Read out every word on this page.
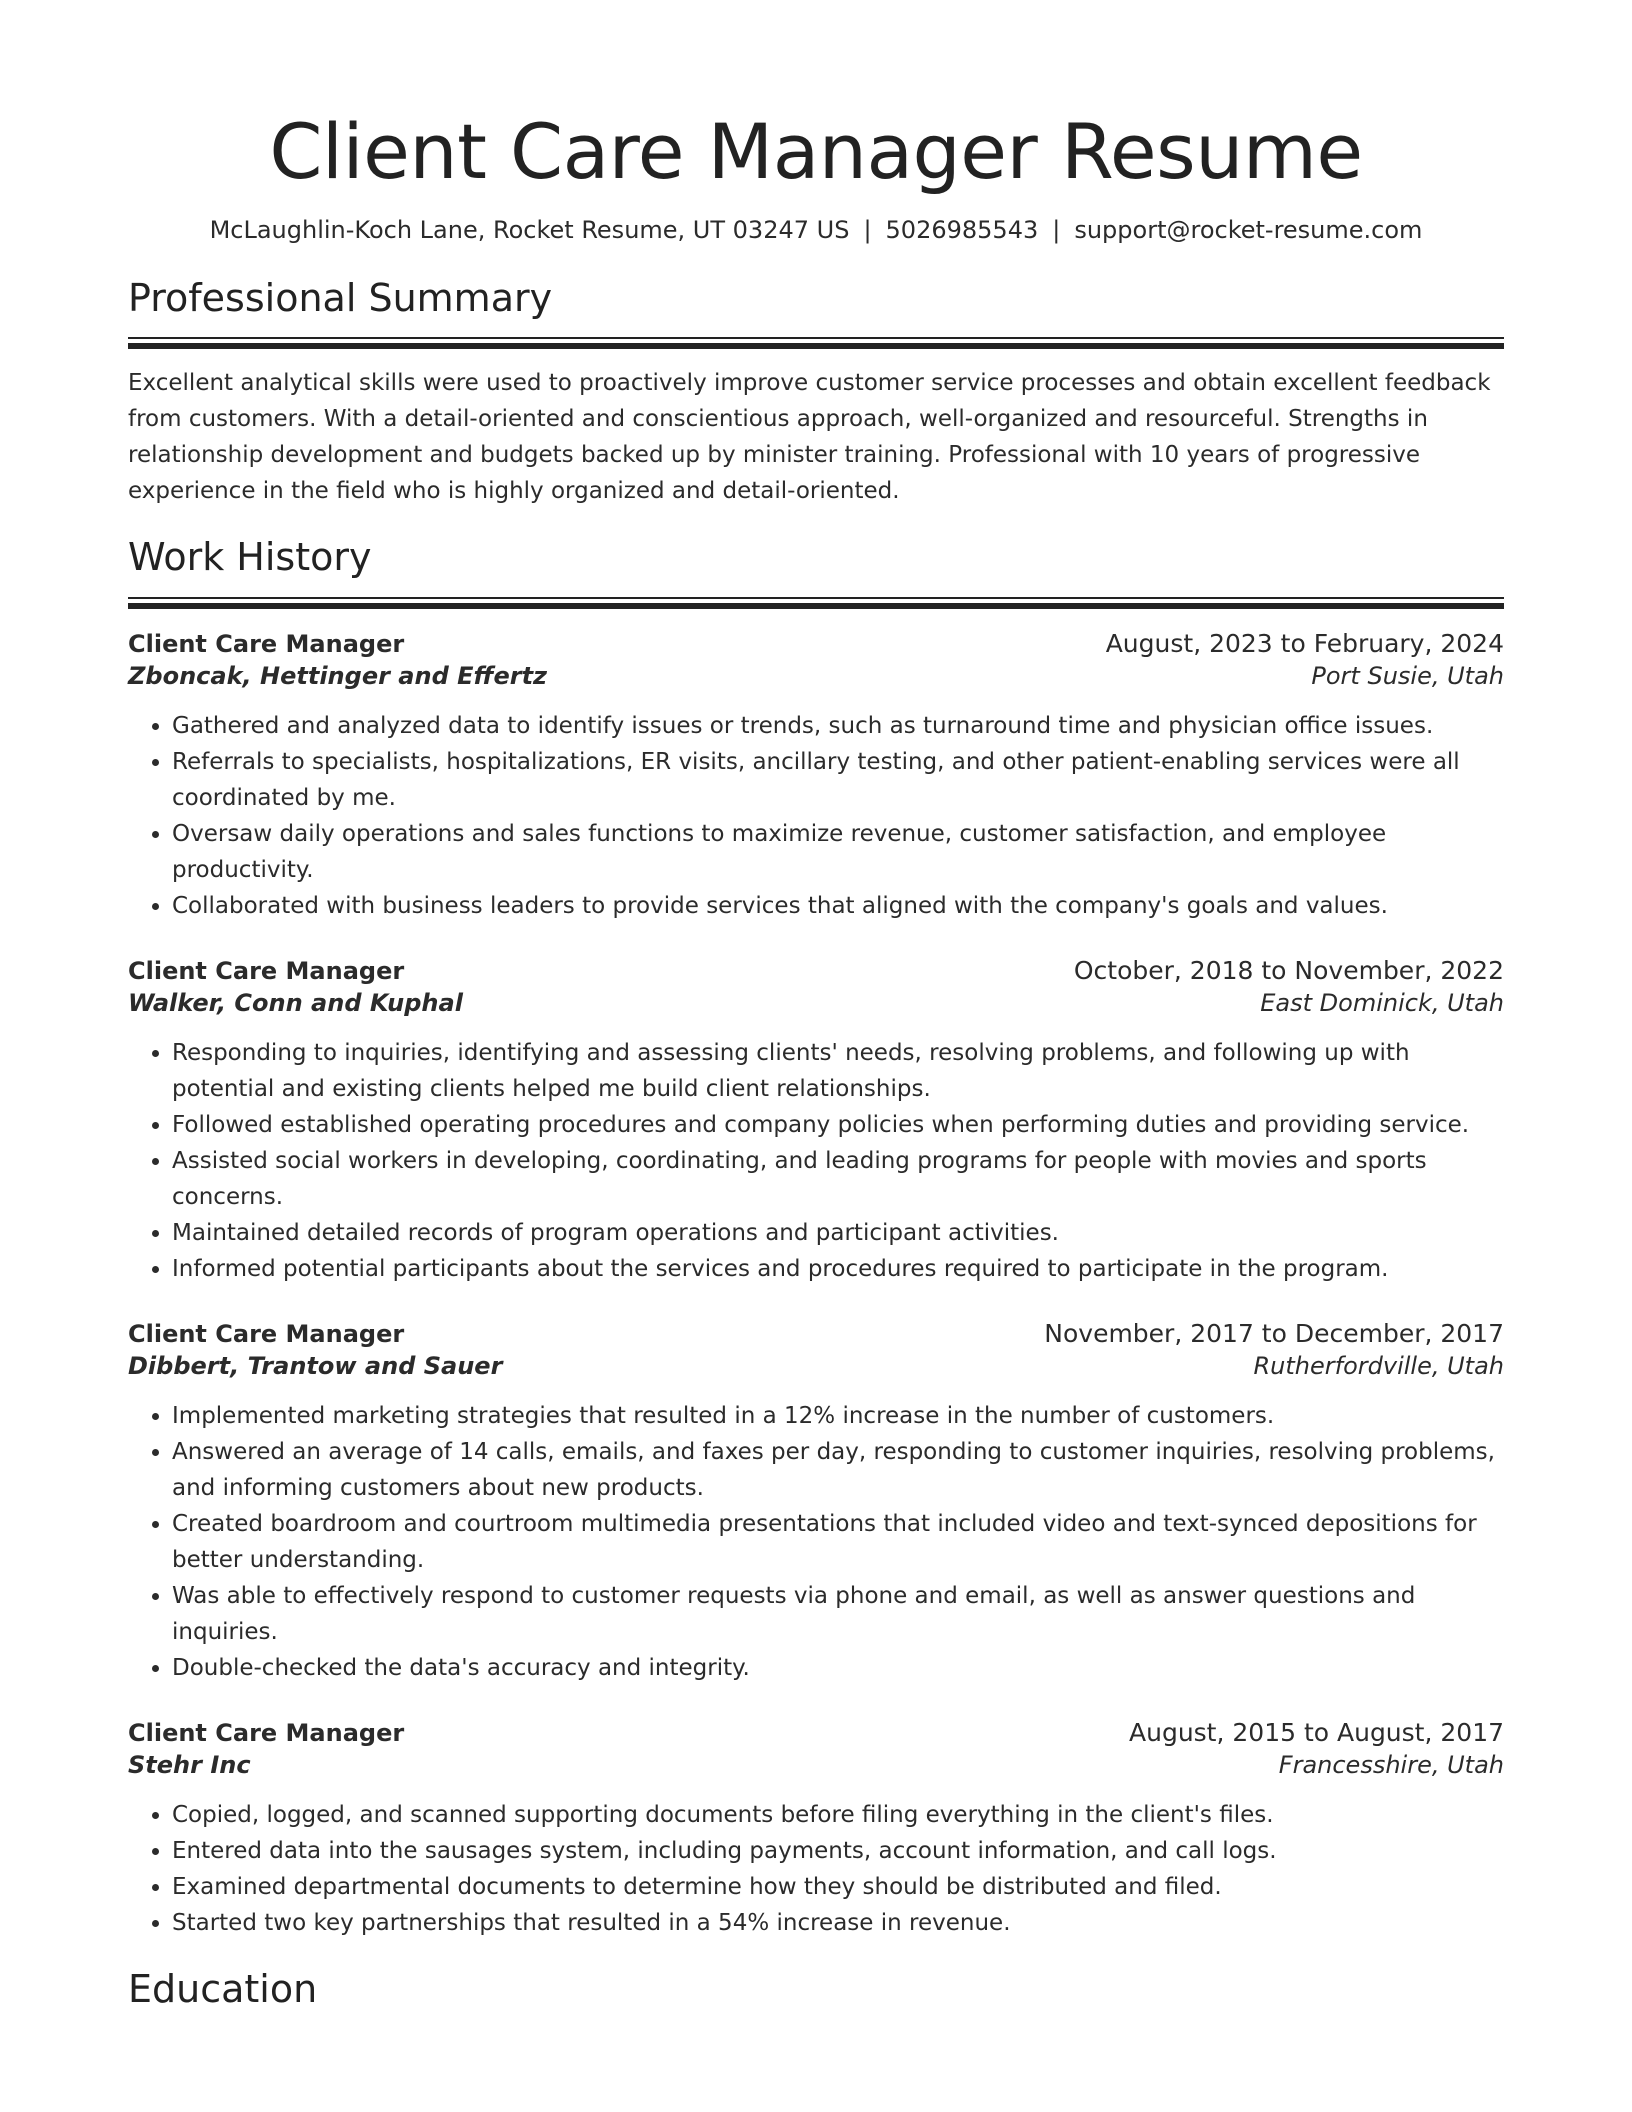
Client Care Manager Resume
McLaughlin-Koch Lane, Rocket Resume, UT 03247 US | 5026985543 | support@rocket-resume.com
Professional Summary
Excellent analytical skills were used to proactively improve customer service processes and obtain excellent feedback from customers. With a detail-oriented and conscientious approach, well-organized and resourceful. Strengths in relationship development and budgets backed up by minister training. Professional with 10 years of progressive experience in the field who is highly organized and detail-oriented.
Work History
Client Care Manager	August, 2023 to February, 2024
Zboncak, Hettinger and Effertz	Port Susie, Utah
• Gathered and analyzed data to identify issues or trends, such as turnaround time and physician office issues.
• Referrals to specialists, hospitalizations, ER visits, ancillary testing, and other patient-enabling services were all coordinated by me.
• Oversaw daily operations and sales functions to maximize revenue, customer satisfaction, and employee productivity.
• Collaborated with business leaders to provide services that aligned with the company's goals and values.
Client Care Manager	October, 2018 to November, 2022
Walker, Conn and Kuphal	East Dominick, Utah
• Responding to inquiries, identifying and assessing clients' needs, resolving problems, and following up with potential and existing clients helped me build client relationships.
• Followed established operating procedures and company policies when performing duties and providing service.
• Assisted social workers in developing, coordinating, and leading programs for people with movies and sports concerns.
• Maintained detailed records of program operations and participant activities.
• Informed potential participants about the services and procedures required to participate in the program.
Client Care Manager	November, 2017 to December, 2017
Dibbert, Trantow and Sauer	Rutherfordville, Utah
• Implemented marketing strategies that resulted in a 12% increase in the number of customers.
• Answered an average of 14 calls, emails, and faxes per day, responding to customer inquiries, resolving problems, and informing customers about new products.
• Created boardroom and courtroom multimedia presentations that included video and text-synced depositions for better understanding.
• Was able to effectively respond to customer requests via phone and email, as well as answer questions and inquiries.
• Double-checked the data's accuracy and integrity.
Client Care Manager	August, 2015 to August, 2017
Stehr Inc	Francesshire, Utah
• Copied, logged, and scanned supporting documents before filing everything in the client's files.
• Entered data into the sausages system, including payments, account information, and call logs.
• Examined departmental documents to determine how they should be distributed and filed.
• Started two key partnerships that resulted in a 54% increase in revenue.
Education
